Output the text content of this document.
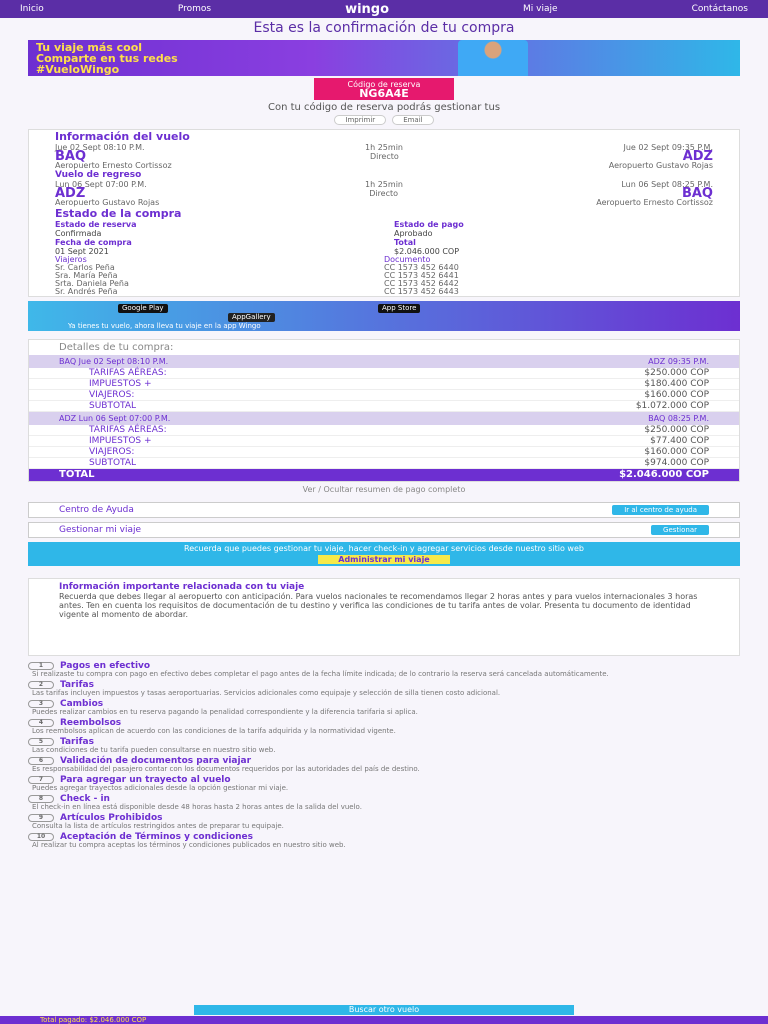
Inicio	Promos	wingo	Mi viaje	Contáctanos
Esta es la confirmación de tu compra
Tu viaje más cool
Comparte en tus redes
#VueloWingo
Código de reserva
NG6A4E
Con tu código de reserva podrás gestionar tus
Imprimir	Email
Información del vuelo
Jue 02 Sept 08:10 P.M.	1h 25min	Jue 02 Sept 09:35 P.M.
BAQ	Directo	ADZ
Aeropuerto Ernesto Cortissoz	Aeropuerto Gustavo Rojas
Vuelo de regreso
Lun 06 Sept 07:00 P.M.	1h 25min	Lun 06 Sept 08:25 P.M.
ADZ	Directo	BAQ
Aeropuerto Gustavo Rojas	Aeropuerto Ernesto Cortissoz
Estado de la compra
Estado de reserva	Estado de pago
Confirmada	Aprobado
Fecha de compra	Total
01 Sept 2021	$2.046.000 COP
Viajeros	Documento
Sr. Carlos Peña	CC 1573 452 6440
Sra. María Peña	CC 1573 452 6441
Srta. Daniela Peña	CC 1573 452 6442
Sr. Andrés Peña	CC 1573 452 6443
Google Play	App Store
AppGallery
Ya tienes tu vuelo, ahora lleva tu viaje en la app Wingo
Detalles de tu compra:
BAQ Jue 02 Sept 08:10 P.M.	ADZ 09:35 P.M.
TARIFAS AÉREAS:	$250.000 COP
IMPUESTOS +	$180.400 COP
VIAJEROS:	$160.000 COP
SUBTOTAL	$1.072.000 COP
ADZ Lun 06 Sept 07:00 P.M.	BAQ 08:25 P.M.
TARIFAS AÉREAS:	$250.000 COP
IMPUESTOS +	$77.400 COP
VIAJEROS:	$160.000 COP
SUBTOTAL	$974.000 COP
TOTAL	$2.046.000 COP
Ver / Ocultar resumen de pago completo
Centro de Ayuda	Ir al centro de ayuda
Gestionar mi viaje	Gestionar
Recuerda que puedes gestionar tu viaje, hacer check-in y agregar servicios desde nuestro sitio web
Administrar mi viaje
Información importante relacionada con tu viaje
Recuerda que debes llegar al aeropuerto con anticipación. Para vuelos nacionales te recomendamos llegar 2 horas antes y para vuelos internacionales 3 horas antes. Ten en cuenta los requisitos de documentación de tu destino y verifica las condiciones de tu tarifa antes de volar. Presenta tu documento de identidad vigente al momento de abordar.
1	Pagos en efectivo

Si realizaste tu compra con pago en efectivo debes completar el pago antes de la fecha límite indicada; de lo contrario la reserva será cancelada automáticamente.

2	Tarifas

Las tarifas incluyen impuestos y tasas aeroportuarias. Servicios adicionales como equipaje y selección de silla tienen costo adicional.

3	Cambios

Puedes realizar cambios en tu reserva pagando la penalidad correspondiente y la diferencia tarifaria si aplica.

4	Reembolsos

Los reembolsos aplican de acuerdo con las condiciones de la tarifa adquirida y la normatividad vigente.

5	Tarifas

Las condiciones de tu tarifa pueden consultarse en nuestro sitio web.

6	Validación de documentos para viajar

Es responsabilidad del pasajero contar con los documentos requeridos por las autoridades del país de destino.

7	Para agregar un trayecto al vuelo

Puedes agregar trayectos adicionales desde la opción gestionar mi viaje.

8	Check - in

El check-in en línea está disponible desde 48 horas hasta 2 horas antes de la salida del vuelo.

9	Artículos Prohibidos

Consulta la lista de artículos restringidos antes de preparar tu equipaje.

10	Aceptación de Términos y condiciones

Al realizar tu compra aceptas los términos y condiciones publicados en nuestro sitio web.

Buscar otro vuelo
Total pagado: $2.046.000 COP
